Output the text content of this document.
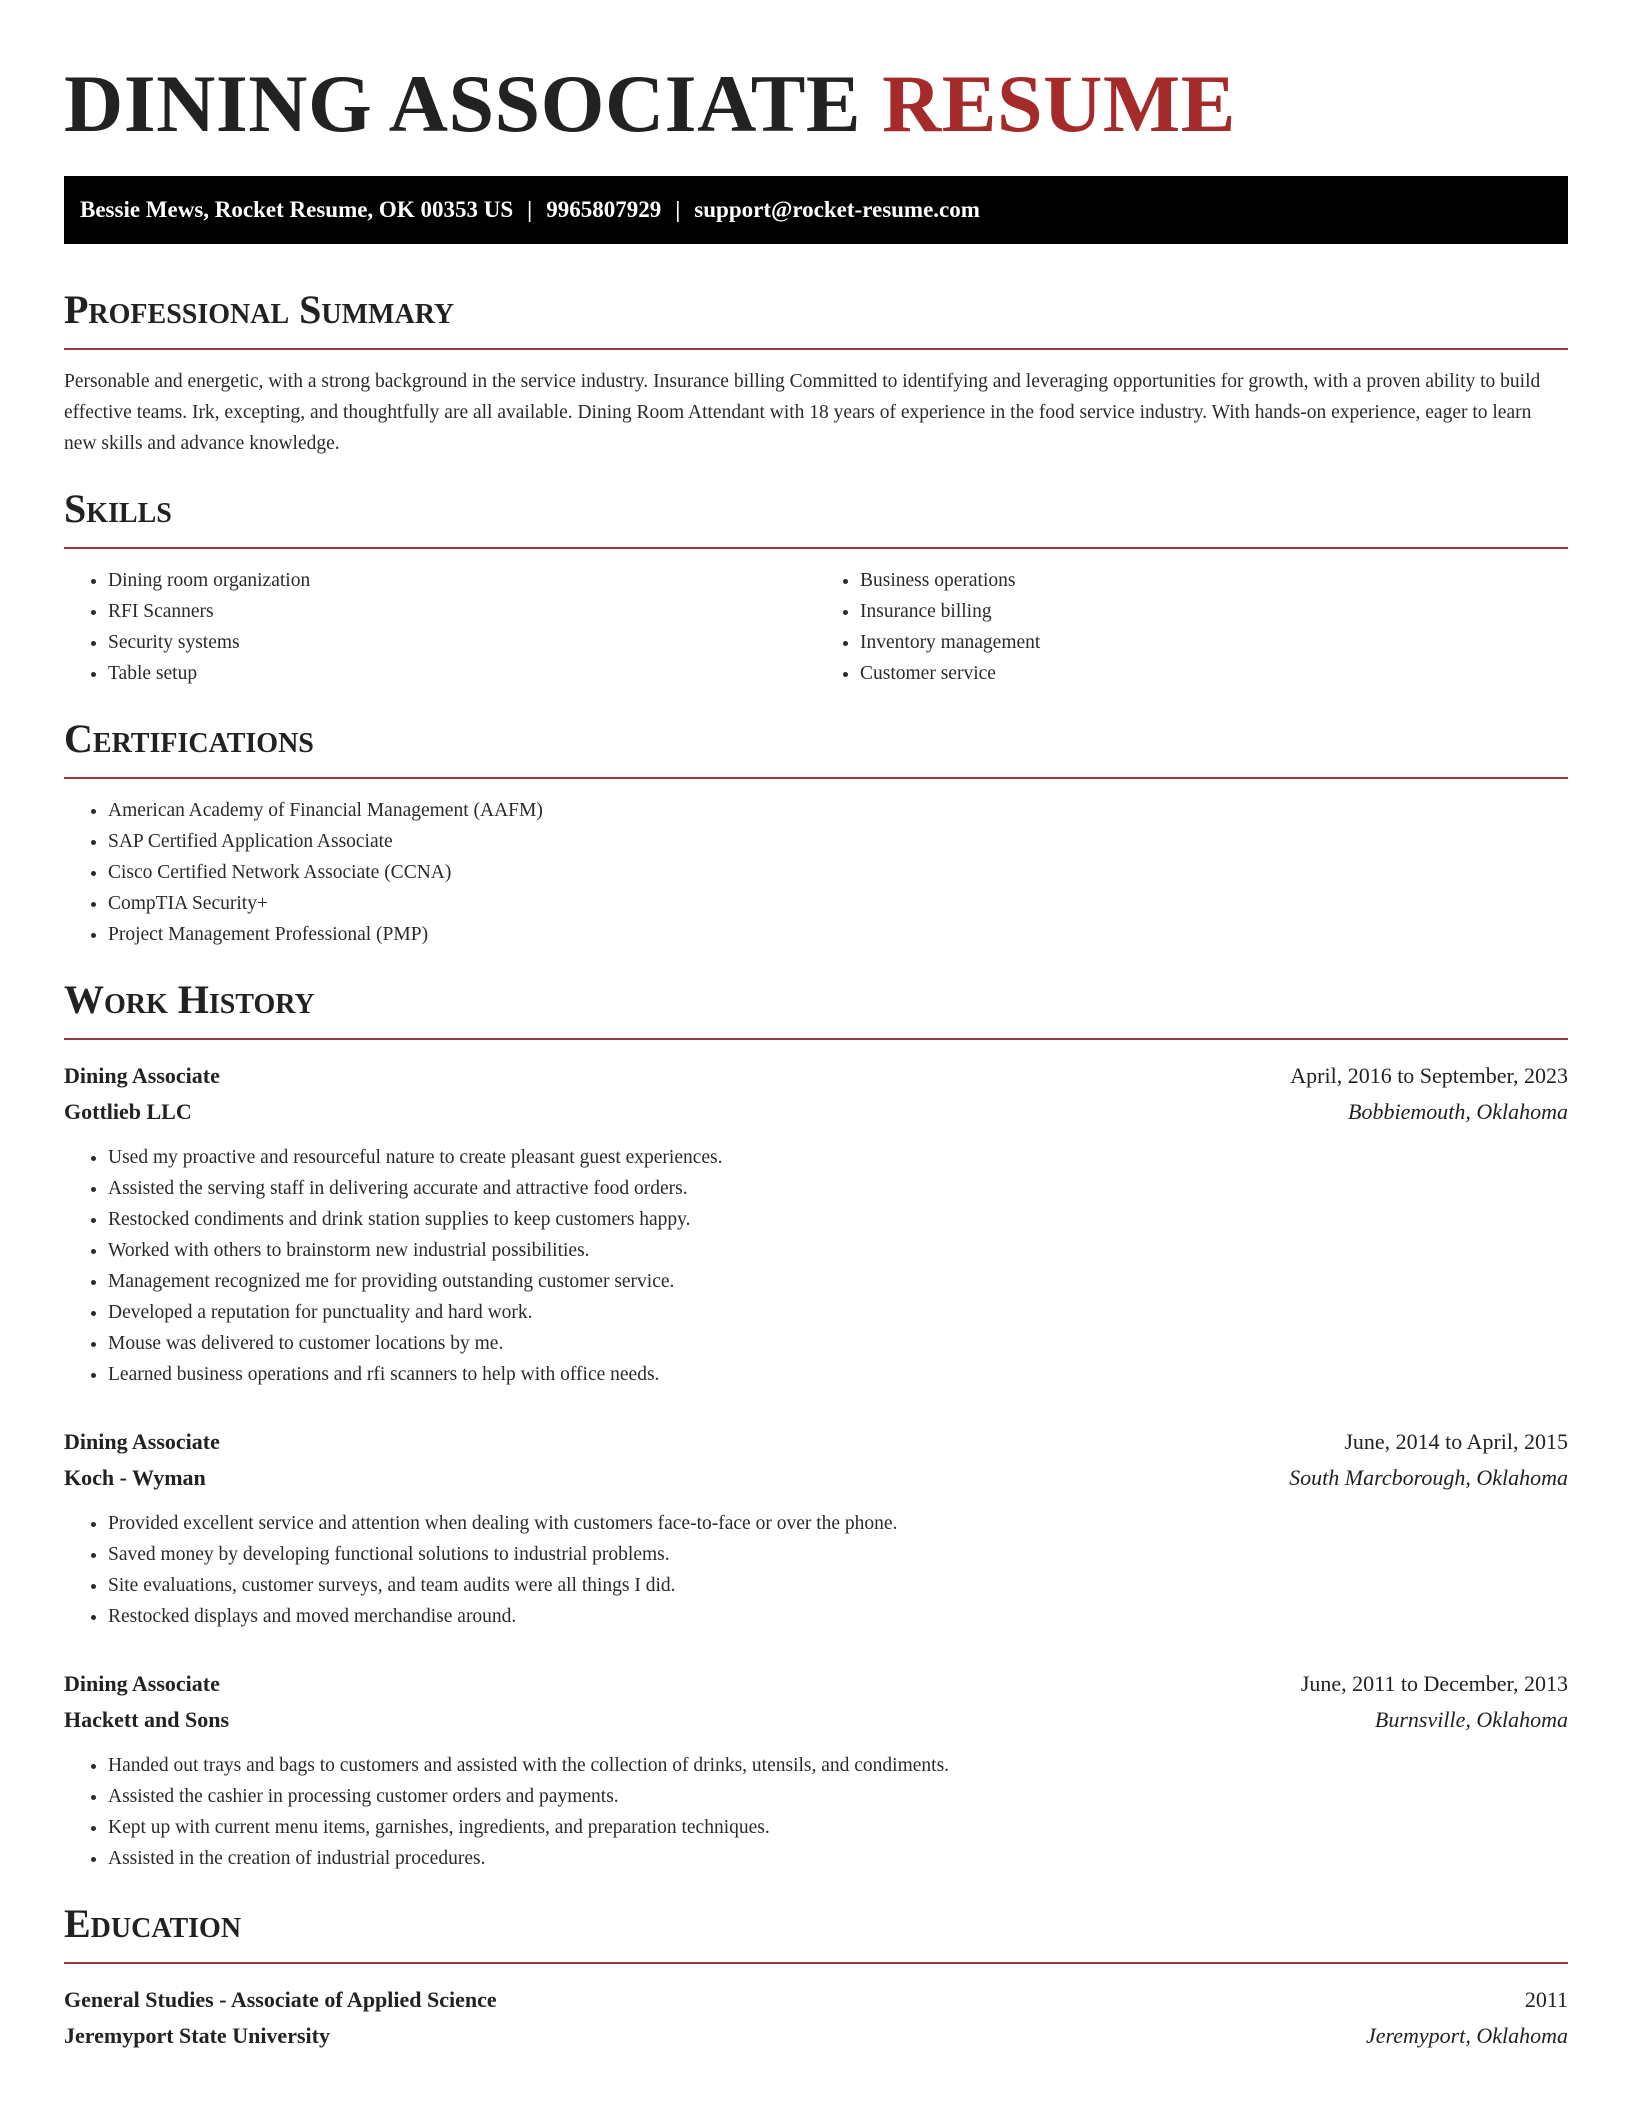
DINING ASSOCIATE RESUME
Bessie Mews, Rocket Resume, OK 00353 US | 9965807929 | support@rocket-resume.com
Professional Summary

Personable and energetic, with a strong background in the service industry. Insurance billing Committed to identifying and leveraging opportunities for growth, with a proven ability to build effective teams. Irk, excepting, and thoughtfully are all available. Dining Room Attendant with 18 years of experience in the food service industry. With hands-on experience, eager to learn new skills and advance knowledge.

Skills
• Dining room organization
• RFI Scanners
• Security systems
• Table setup
• Business operations
• Insurance billing
• Inventory management
• Customer service
Certifications
• American Academy of Financial Management (AAFM)
• SAP Certified Application Associate
• Cisco Certified Network Associate (CCNA)
• CompTIA Security+
• Project Management Professional (PMP)
Work History
Dining Associate	April, 2016 to September, 2023
Gottlieb LLC	Bobbiemouth, Oklahoma
• Used my proactive and resourceful nature to create pleasant guest experiences.
• Assisted the serving staff in delivering accurate and attractive food orders.
• Restocked condiments and drink station supplies to keep customers happy.
• Worked with others to brainstorm new industrial possibilities.
• Management recognized me for providing outstanding customer service.
• Developed a reputation for punctuality and hard work.
• Mouse was delivered to customer locations by me.
• Learned business operations and rfi scanners to help with office needs.
Dining Associate	June, 2014 to April, 2015
Koch - Wyman	South Marcborough, Oklahoma
• Provided excellent service and attention when dealing with customers face-to-face or over the phone.
• Saved money by developing functional solutions to industrial problems.
• Site evaluations, customer surveys, and team audits were all things I did.
• Restocked displays and moved merchandise around.
Dining Associate	June, 2011 to December, 2013
Hackett and Sons	Burnsville, Oklahoma
• Handed out trays and bags to customers and assisted with the collection of drinks, utensils, and condiments.
• Assisted the cashier in processing customer orders and payments.
• Kept up with current menu items, garnishes, ingredients, and preparation techniques.
• Assisted in the creation of industrial procedures.
Education
General Studies - Associate of Applied Science	2011
Jeremyport State University	Jeremyport, Oklahoma
